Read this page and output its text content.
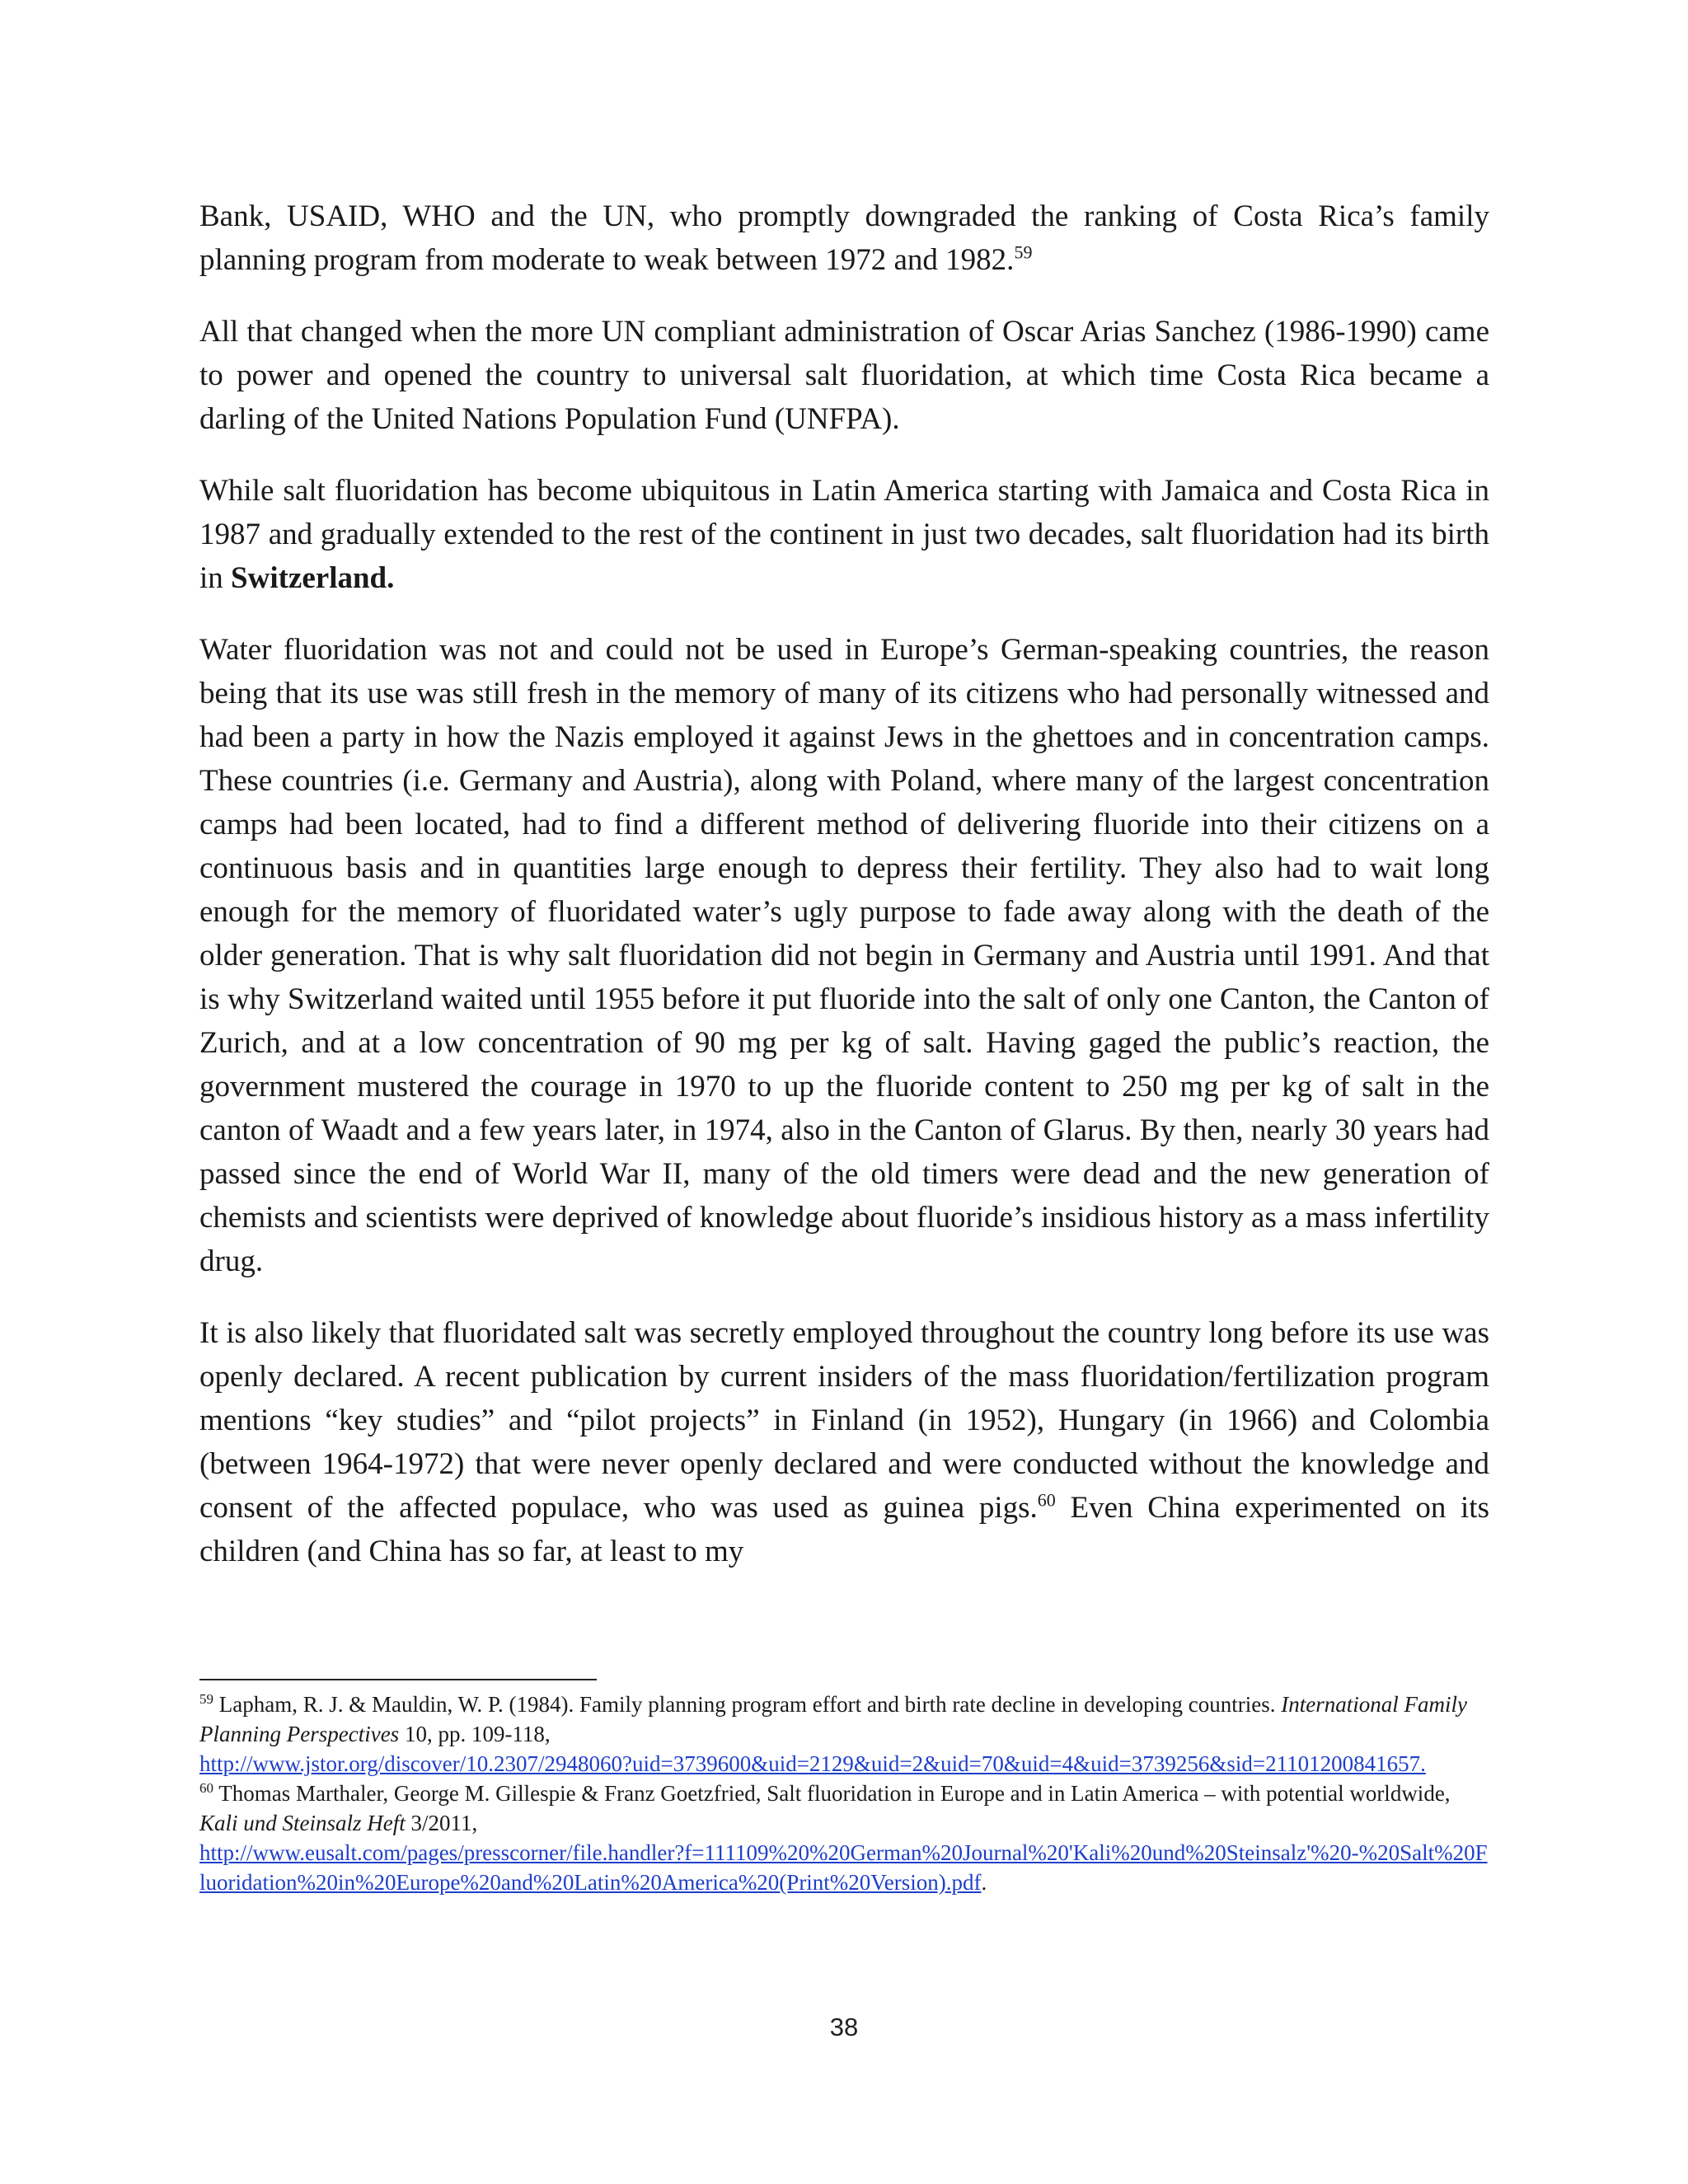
Bank, USAID, WHO and the UN, who promptly downgraded the ranking of Costa Rica’s family planning program from moderate to weak between 1972 and 1982.59

All that changed when the more UN compliant administration of Oscar Arias Sanchez (1986-1990) came to power and opened the country to universal salt fluoridation, at which time Costa Rica became a darling of the United Nations Population Fund (UNFPA).

While salt fluoridation has become ubiquitous in Latin America starting with Jamaica and Costa Rica in 1987 and gradually extended to the rest of the continent in just two decades, salt fluoridation had its birth in Switzerland.

Water fluoridation was not and could not be used in Europe’s German-speaking countries, the reason being that its use was still fresh in the memory of many of its citizens who had personally witnessed and had been a party in how the Nazis employed it against Jews in the ghettoes and in concentration camps. These countries (i.e. Germany and Austria), along with Poland, where many of the largest concentration camps had been located, had to find a different method of delivering fluoride into their citizens on a continuous basis and in quantities large enough to depress their fertility. They also had to wait long enough for the memory of fluoridated water’s ugly purpose to fade away along with the death of the older generation. That is why salt fluoridation did not begin in Germany and Austria until 1991. And that is why Switzerland waited until 1955 before it put fluoride into the salt of only one Canton, the Canton of Zurich, and at a low concentration of 90 mg per kg of salt. Having gaged the public’s reaction, the government mustered the courage in 1970 to up the fluoride content to 250 mg per kg of salt in the canton of Waadt and a few years later, in 1974, also in the Canton of Glarus. By then, nearly 30 years had passed since the end of World War II, many of the old timers were dead and the new generation of chemists and scientists were deprived of knowledge about fluoride’s insidious history as a mass infertility drug.

It is also likely that fluoridated salt was secretly employed throughout the country long before its use was openly declared. A recent publication by current insiders of the mass fluoridation/fertilization program mentions “key studies” and “pilot projects” in Finland (in 1952), Hungary (in 1966) and Colombia (between 1964-1972) that were never openly declared and were conducted without the knowledge and consent of the affected populace, who was used as guinea pigs.$^{60}$ Even China experimented on its children (and China has so far, at least to my

$^{59}$ Lapham, R. J. & Mauldin, W. P. (1984). Family planning program effort and birth rate decline in developing countries. International Family Planning Perspectives 10, pp. 109-118,
http://www.jstor.org/discover/10.2307/2948060?uid=3739600&uid=2129&uid=2&uid=70&uid=4&uid=3739256&sid=21101200841657.

$^{60}$ Thomas Marthaler, George M. Gillespie & Franz Goetzfried, Salt fluoridation in Europe and in Latin America – with potential worldwide, Kali und Steinsalz Heft 3/2011,
http://www.eusalt.com/pages/presscorner/file.handler?f=111109%20%20German%20Journal%20'Kali%20und%20Steinsalz'%20-%20Salt%20Fluoridation%20in%20Europe%20and%20Latin%20America%20(Print%20Version).pdf.

38
